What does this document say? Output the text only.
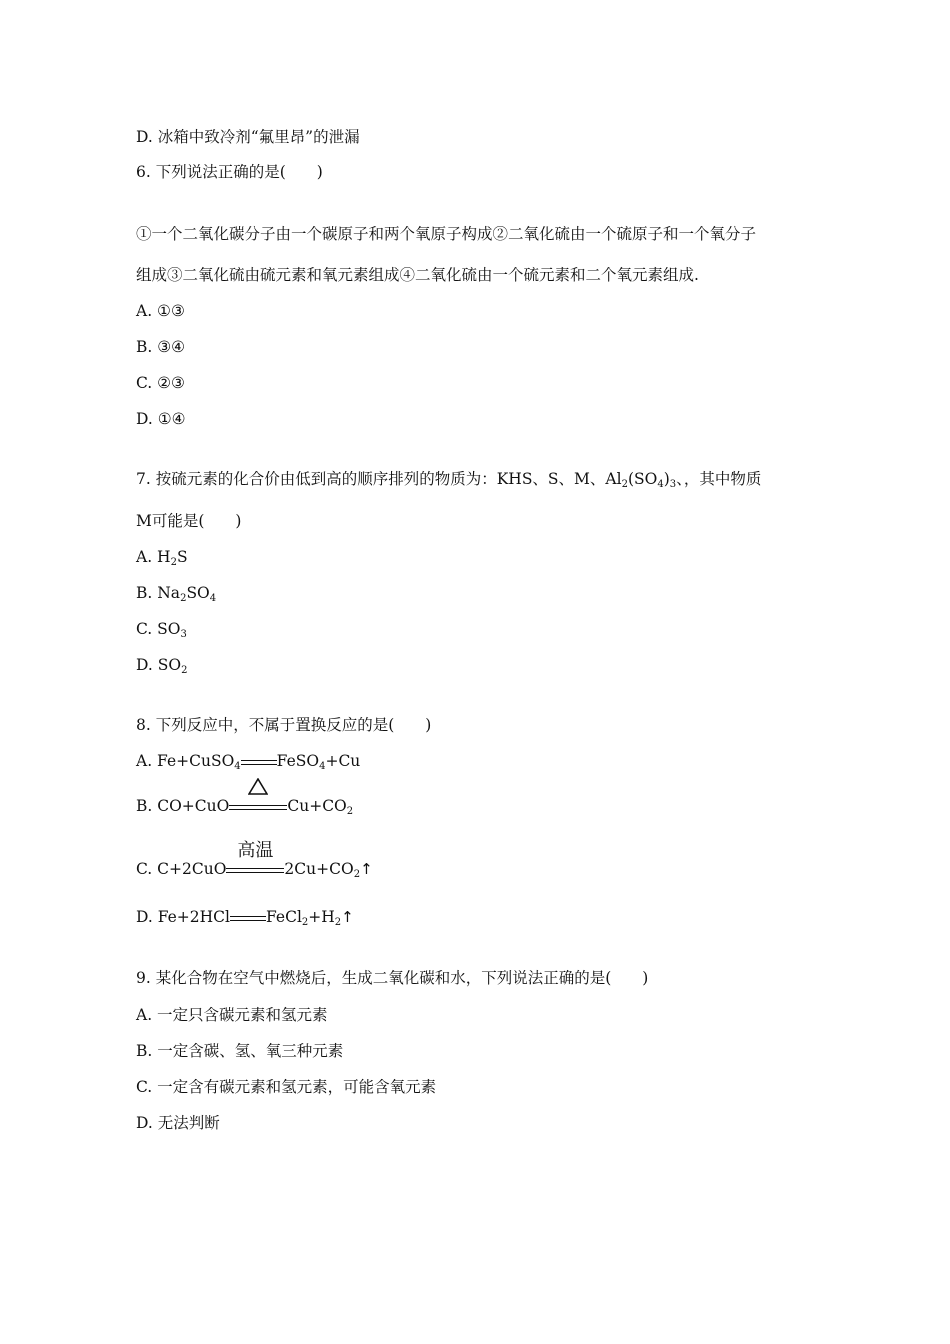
D. 冰箱中致冷剂“氟里昂”的泄漏
6. 下列说法正确的是(　　)
①一个二氧化碳分子由一个碳原子和两个氧原子构成②二氧化硫由一个硫原子和一个氧分子
组成③二氧化硫由硫元素和氧元素组成④二氧化硫由一个硫元素和二个氧元素组成.
A. ①③
B. ③④
C. ②③
D. ①④
7. 按硫元素的化合价由低到高的顺序排列的物质为：KHS、S、M、$Al_2(SO_4)_3$、，其中物质
M可能是(　　)
A. $H_2S$
B. $Na_2SO_4$
C. $SO_3$
D. $SO_2$
8. 下列反应中，不属于置换反应的是(　　)
A. Fe+CuSO$_4$ FeSO$_4$+Cu
B. CO+CuO	$Cu+CO_2$
C. C+2CuO
高温
$2Cu+CO_2↑$
D. Fe+2HCl $FeCl_2+H_2↑$
9. 某化合物在空气中燃烧后，生成二氧化碳和水，下列说法正确的是(　　)
A. 一定只含碳元素和氢元素
B. 一定含碳、氢、氧三种元素
C. 一定含有碳元素和氢元素，可能含氧元素
D. 无法判断
